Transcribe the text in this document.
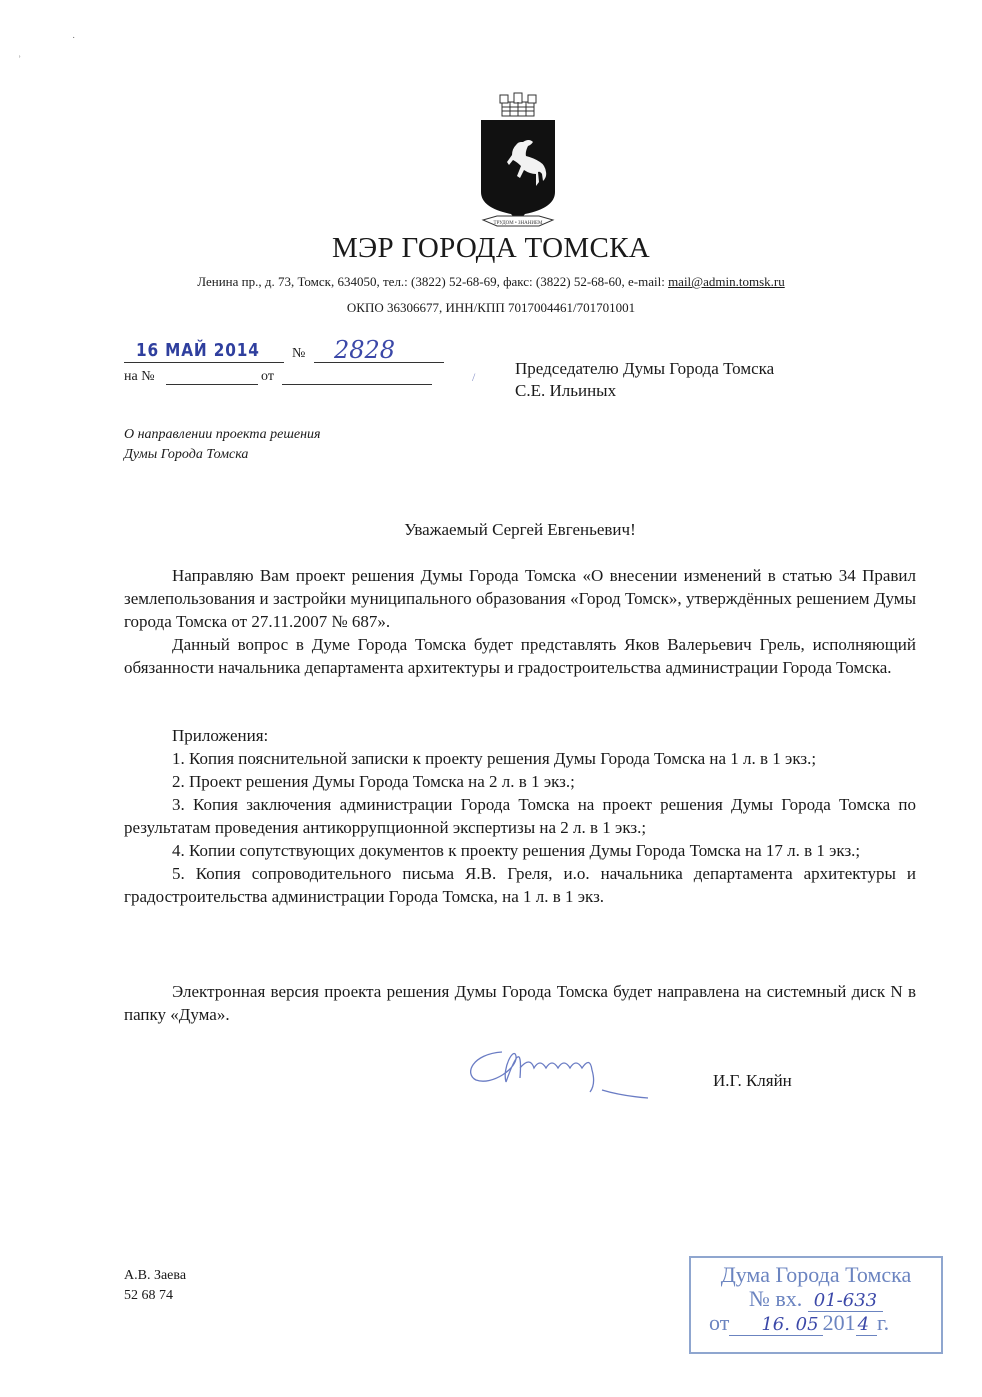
˙
ʾ
ТРУДОМ • ЗНАНИЕМ
МЭР ГОРОДА ТОМСКА
Ленина пр., д. 73, Томск, 634050, тел.: (3822) 52-68-69, факс: (3822) 52-68-60, e-mail: mail@admin.tomsk.ru
ОКПО 36306677, ИНН/КПП 7017004461/701701001
16 МАЙ 2014 № 2828
на №	от	/ Председателю Думы Города Томска
С.Е. Ильиных
О направлении проекта решения
Думы Города Томска
Уважаемый Сергей Евгеньевич!

Направляю Вам проект решения Думы Города Томска «О внесении изменений в статью 34 Правил землепользования и застройки муниципального образования «Город Томск», утверждённых решением Думы города Томска от 27.11.2007 № 687».

Данный вопрос в Думе Города Томска будет представлять Яков Валерьевич Грель, исполняющий обязанности начальника департамента архитектуры и градостроительства администрации Города Томска.

Приложения:

1. Копия пояснительной записки к проекту решения Думы Города Томска на 1 л. в 1 экз.;

2. Проект решения Думы Города Томска на 2 л. в 1 экз.;

3. Копия заключения администрации Города Томска на проект решения Думы Города Томска по результатам проведения антикоррупционной экспертизы на 2 л. в 1 экз.;

4. Копии сопутствующих документов к проекту решения Думы Города Томска на 17 л. в 1 экз.;

5. Копия сопроводительного письма Я.В. Греля, и.о. начальника департамента архитектуры и градостроительства администрации Города Томска, на 1 л. в 1 экз.

Электронная версия проекта решения Думы Города Томска будет направлена на системный диск N в папку «Дума».

И.Г. Кляйн
А.В. Заева
52 68 74
Дума Города Томска
№ вх. 01-633
от 16. 05 201 4 г.
